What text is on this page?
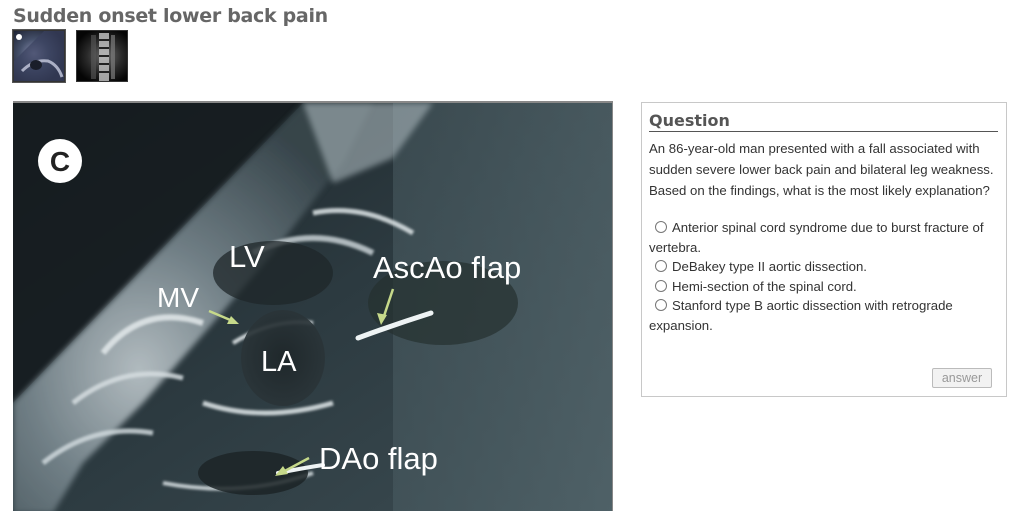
Sudden onset lower back pain
C
LV
MV
LA
AscAo flap
DAo flap
Question
An 86-year-old man presented with a fall associated with sudden severe lower back pain and bilateral leg weakness. Based on the findings, what is the most likely explanation?
Anterior spinal cord syndrome due to burst fracture of vertebra.
DeBakey type II aortic dissection.
Hemi-section of the spinal cord.
Stanford type B aortic dissection with retrograde expansion.
answer
